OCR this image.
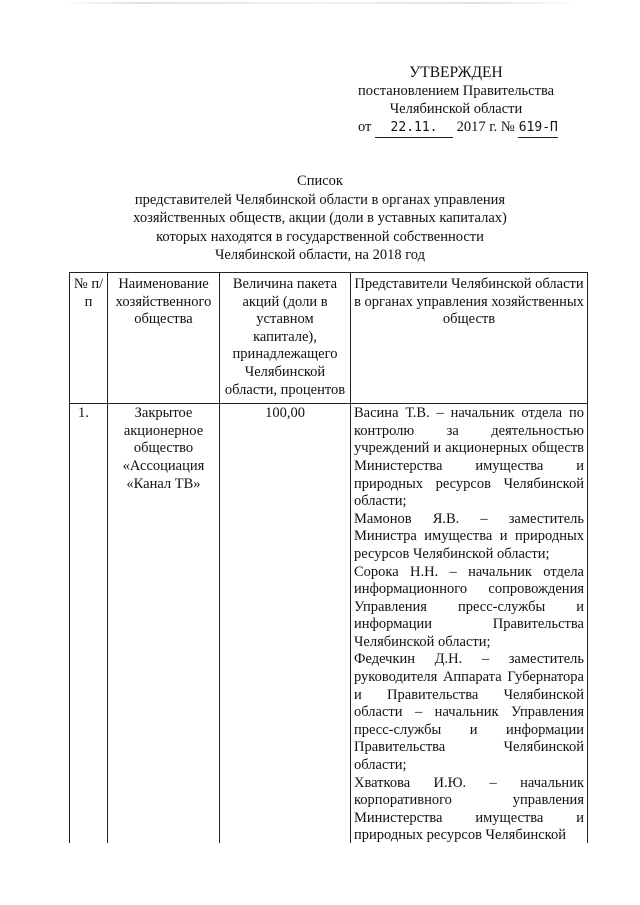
УТВЕРЖДЕН
постановлением Правительства
Челябинской области
от 22.11. 2017 г. № 619-П
Список
представителей Челябинской области в органах управления
хозяйственных обществ, акции (доли в уставных капиталах)
которых находятся в государственной собственности
Челябинской области, на 2018 год
№ п/п	Наименование хозяйственного общества	Величина пакета акций (доли в уставном капитале), принадлежащего Челябинской области, процентов	Представители Челябинской области в органах управления хозяйственных обществ
1.	Закрытое акционерное общество «Ассоциация «Канал ТВ»	100,00	Васина Т.В. – начальник отдела по контролю за деятельностью учреждений и акционерных обществ Министерства имущества и природных ресурсов Челябинской области;
Мамонов Я.В. – заместитель Министра имущества и природных ресурсов Челябинской области;
Сорока Н.Н. – начальник отдела информационного сопровождения Управления пресс-службы и информации Правительства Челябинской области;
Федечкин Д.Н. – заместитель руководителя Аппарата Губернатора и Правительства Челябинской области – начальник Управления пресс-службы и информации Правительства Челябинской области;
Хваткова И.Ю. – начальник корпоративного управления Министерства имущества и природных ресурсов Челябинской
